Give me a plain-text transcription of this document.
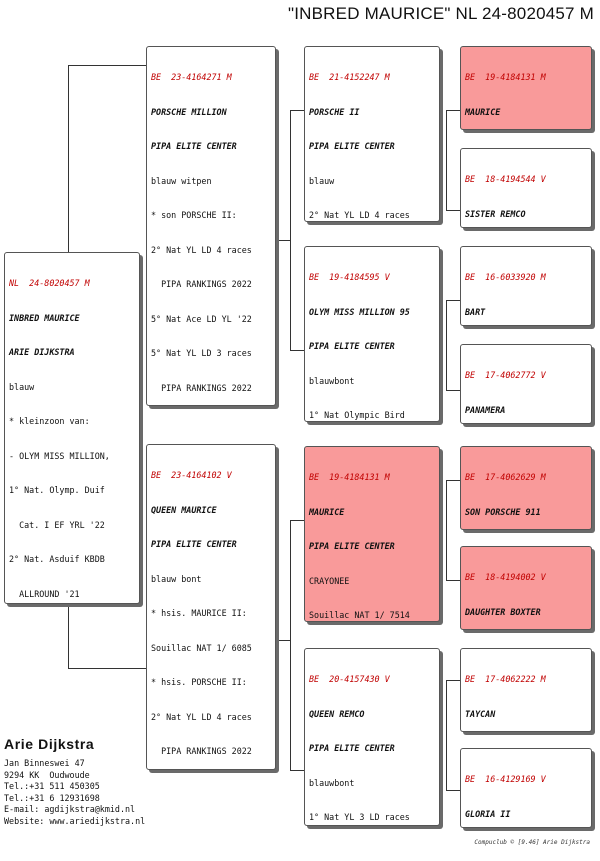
"INBRED MAURICE" NL 24-8020457 M

NL  24-8020457 M

INBRED MAURICE

ARIE DIJKSTRA

blauw

* kleinzoon van:

- OLYM MISS MILLION,

1° Nat. Olymp. Duif

Cat. I EF YRL '22

2° Nat. Asduif KBDB

ALLROUND '21

BE  23-4164271 M

PORSCHE MILLION

PIPA ELITE CENTER

blauw witpen

* son PORSCHE II:

2° Nat YL LD 4 races

PIPA RANKINGS 2022

5° Nat Ace LD YL '22

5° Nat YL LD 3 races

PIPA RANKINGS 2022

BE  23-4164102 V

QUEEN MAURICE

PIPA ELITE CENTER

blauw bont

* hsis. MAURICE II:

Souillac NAT 1/ 6085

* hsis. PORSCHE II:

2° Nat YL LD 4 races

PIPA RANKINGS 2022

BE  21-4152247 M

PORSCHE II

PIPA ELITE CENTER

blauw

2° Nat YL LD 4 races

BE  19-4184595 V

OLYM MISS MILLION 95

PIPA ELITE CENTER

blauwbont

1° Nat Olympic Bird

BE  19-4184131 M

MAURICE

PIPA ELITE CENTER

CRAYONEE

Souillac NAT 1/ 7514

BE  20-4157430 V

QUEEN REMCO

PIPA ELITE CENTER

blauwbont

1° Nat YL 3 LD races

BE  19-4184131 M

MAURICE

BE  18-4194544 V

SISTER REMCO

BE  16-6033920 M

BART

BE  17-4062772 V

PANAMERA

BE  17-4062629 M

SON PORSCHE 911

BE  18-4194002 V

DAUGHTER BOXTER

BE  17-4062222 M

TAYCAN

BE  16-4129169 V

GLORIA II

Arie Dijkstra
Jan Binneswei 47
9294 KK  Oudwoude
Tel.:+31 511 450305
Tel.:+31 6 12931698
E-mail: agdijkstra@kmid.nl
Website: www.ariedijkstra.nl
Compuclub © [9.46] Arie Dijkstra
